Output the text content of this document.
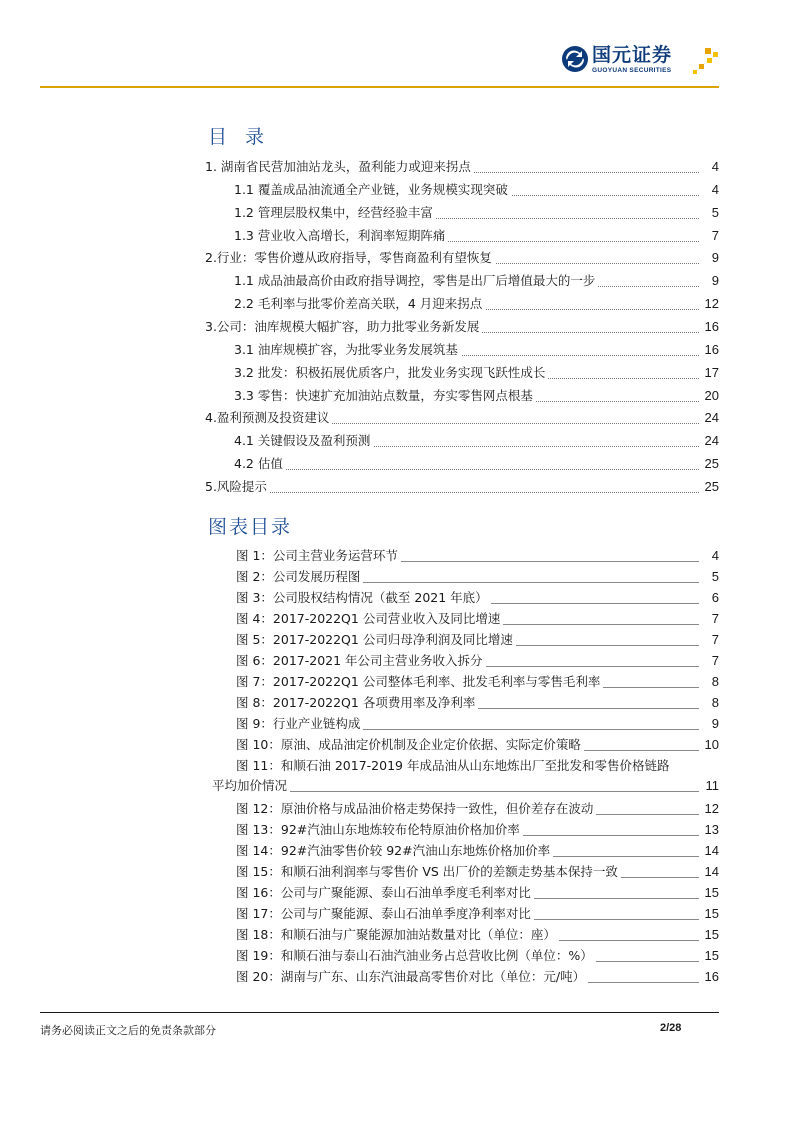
国元证券
GUOYUAN SECURITIES
目 录
1. 湖南省民营加油站龙头，盈利能力或迎来拐点	4
1.1 覆盖成品油流通全产业链，业务规模实现突破	4
1.2 管理层股权集中，经营经验丰富	5
1.3 营业收入高增长，利润率短期阵痛	7
2.行业：零售价遵从政府指导，零售商盈利有望恢复	9
1.1 成品油最高价由政府指导调控，零售是出厂后增值最大的一步	9
2.2 毛利率与批零价差高关联，4 月迎来拐点	12
3.公司：油库规模大幅扩容，助力批零业务新发展	16
3.1 油库规模扩容，为批零业务发展筑基	16
3.2 批发：积极拓展优质客户，批发业务实现飞跃性成长	17
3.3 零售：快速扩充加油站点数量，夯实零售网点根基	20
4.盈利预测及投资建议	24
4.1 关键假设及盈利预测	24
4.2 估值	25
5.风险提示	25
图表目录
图 1：公司主营业务运营环节	4
图 2：公司发展历程图	5
图 3：公司股权结构情况（截至 2021 年底）	6
图 4：2017-2022Q1 公司营业收入及同比增速	7
图 5：2017-2022Q1 公司归母净利润及同比增速	7
图 6：2017-2021 年公司主营业务收入拆分	7
图 7：2017-2022Q1 公司整体毛利率、批发毛利率与零售毛利率	8
图 8：2017-2022Q1 各项费用率及净利率	8
图 9：行业产业链构成	9
图 10：原油、成品油定价机制及企业定价依据、实际定价策略	10
图 11：和顺石油 2017-2019 年成品油从山东地炼出厂至批发和零售价格链路
平均加价情况	11
图 12：原油价格与成品油价格走势保持一致性，但价差存在波动	12
图 13：92#汽油山东地炼较布伦特原油价格加价率	13
图 14：92#汽油零售价较 92#汽油山东地炼价格加价率	14
图 15：和顺石油利润率与零售价 VS 出厂价的差额走势基本保持一致	14
图 16：公司与广聚能源、泰山石油单季度毛利率对比	15
图 17：公司与广聚能源、泰山石油单季度净利率对比	15
图 18：和顺石油与广聚能源加油站数量对比（单位：座）	15
图 19：和顺石油与泰山石油汽油业务占总营收比例（单位：%）	15
图 20：湖南与广东、山东汽油最高零售价对比（单位：元/吨）	16
请务必阅读正文之后的免责条款部分	2/28
